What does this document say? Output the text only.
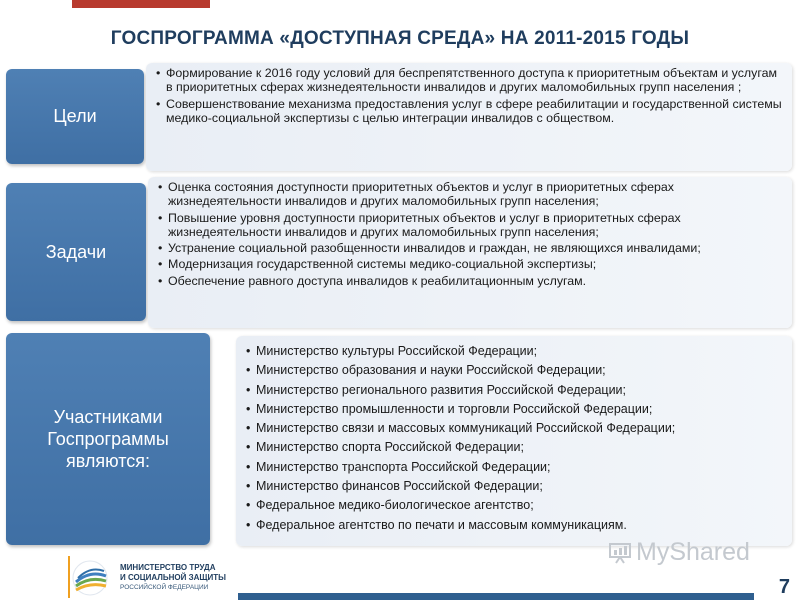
ГОСПРОГРАММА «ДОСТУПНАЯ СРЕДА» НА 2011-2015 ГОДЫ
Цели
• Формирование к 2016 году условий для беспрепятственного доступа к приоритетным объектам и услугам в приоритетных сферах жизнедеятельности инвалидов и других маломобильных групп населения ;
• Совершенствование механизма предоставления услуг в сфере реабилитации и государственной системы медико-социальной экспертизы с целью интеграции инвалидов с обществом.
Задачи
• Оценка состояния доступности приоритетных объектов и услуг в приоритетных сферах жизнедеятельности инвалидов и других маломобильных групп населения;
• Повышение уровня доступности приоритетных объектов и услуг в приоритетных сферах жизнедеятельности инвалидов и других маломобильных групп населения;
• Устранение социальной разобщенности инвалидов и граждан, не являющихся инвалидами;
• Модернизация государственной системы медико-социальной экспертизы;
• Обеспечение равного доступа инвалидов к реабилитационным услугам.
Участниками Госпрограммы являются:
• Министерство культуры Российской Федерации;
• Министерство образования и науки Российской Федерации;
• Министерство регионального развития Российской Федерации;
• Министерство промышленности и торговли Российской Федерации;
• Министерство связи и массовых коммуникаций Российской Федерации;
• Министерство спорта Российской Федерации;
• Министерство транспорта Российской Федерации;
• Министерство финансов Российской Федерации;
• Федеральное медико-биологическое агентство;
• Федеральное агентство по печати и массовым коммуникациям.
МИНИСТЕРСТВО ТРУДА
И СОЦИАЛЬНОЙ ЗАЩИТЫ
РОССИЙСКОЙ ФЕДЕРАЦИИ
MyShared
7
